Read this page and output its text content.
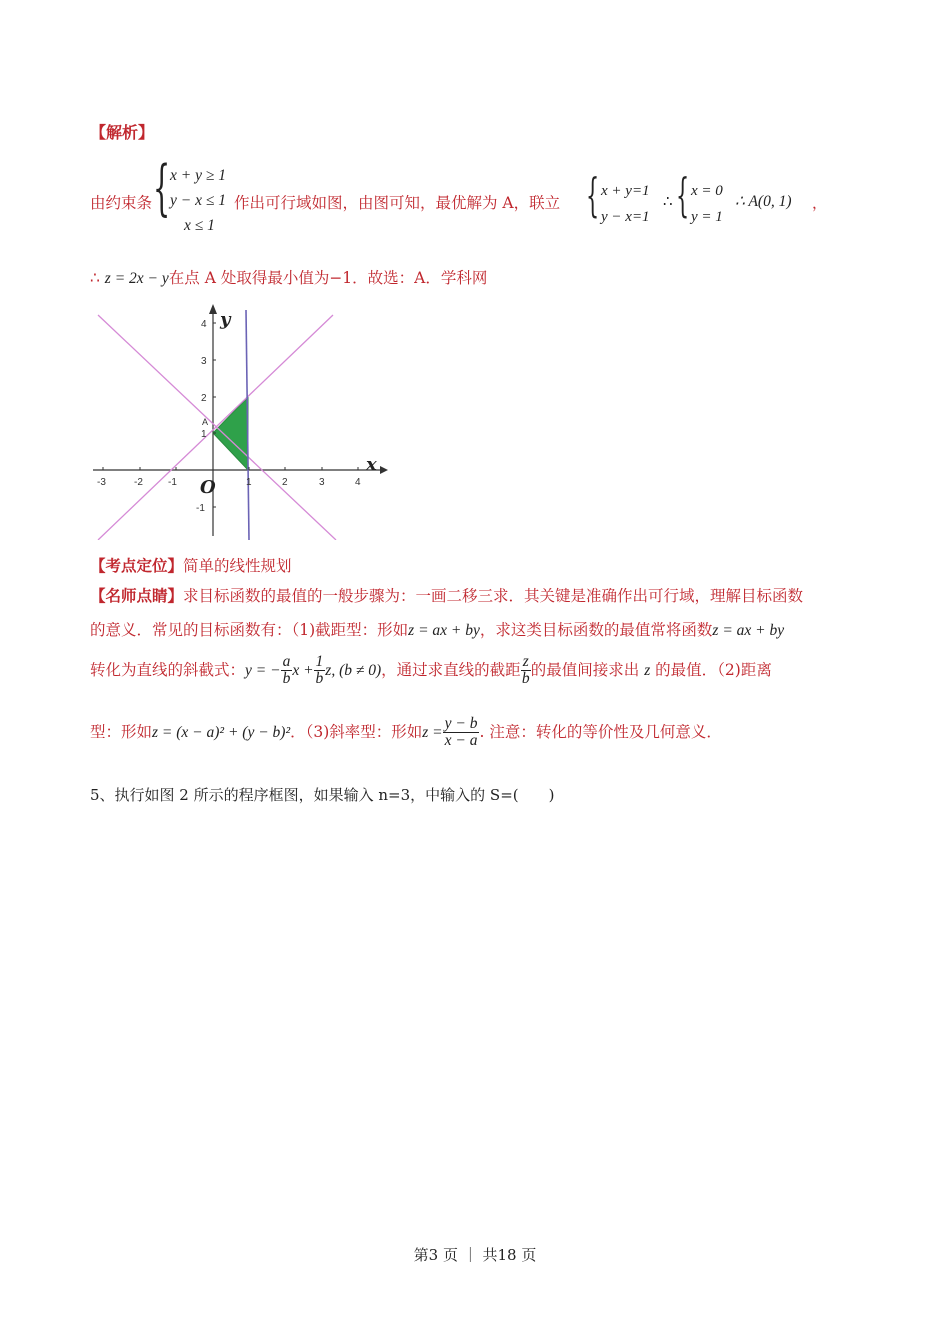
【解析】
由约束条 { x + y ≥ 1
y − x ≤ 1
x ≤ 1
作出可行域如图，由图可知，最优解为 A，联立 { x + y=1
y − x=1
∴ { x = 0
y = 1
∴ A(0, 1) ，
∴ z = 2x − y在点 A 处取得最小值为−1．故选：A．学科网
-3	-2	-1	1	2	3	4
4
3
2
1
-1
A
y
x
O
【考点定位】简单的线性规划
【名师点睛】求目标函数的最值的一般步骤为：一画二移三求．其关键是准确作出可行域，理解目标函数
的意义．常见的目标函数有：（1)截距型：形如z = ax + by，求这类目标函数的最值常将函数z = ax + by
转化为直线的斜截式：y = − $\frac{a}{b}$ $x + \frac{1}{b} z$, (b ≠ 0)，通过求直线的截距 $\frac{z}{b}$ 的最值间接求出 z 的最值．（2)距离
型：形如z = (x − a)² + (y − b)²．（3)斜率型：形如$z = \frac{y - b}{x - a}$ . 注意：转化的等价性及几何意义．
5、执行如图 2 所示的程序框图，如果输入 n=3，中输入的 S=(　　)
第3 页 ｜ 共18 页
